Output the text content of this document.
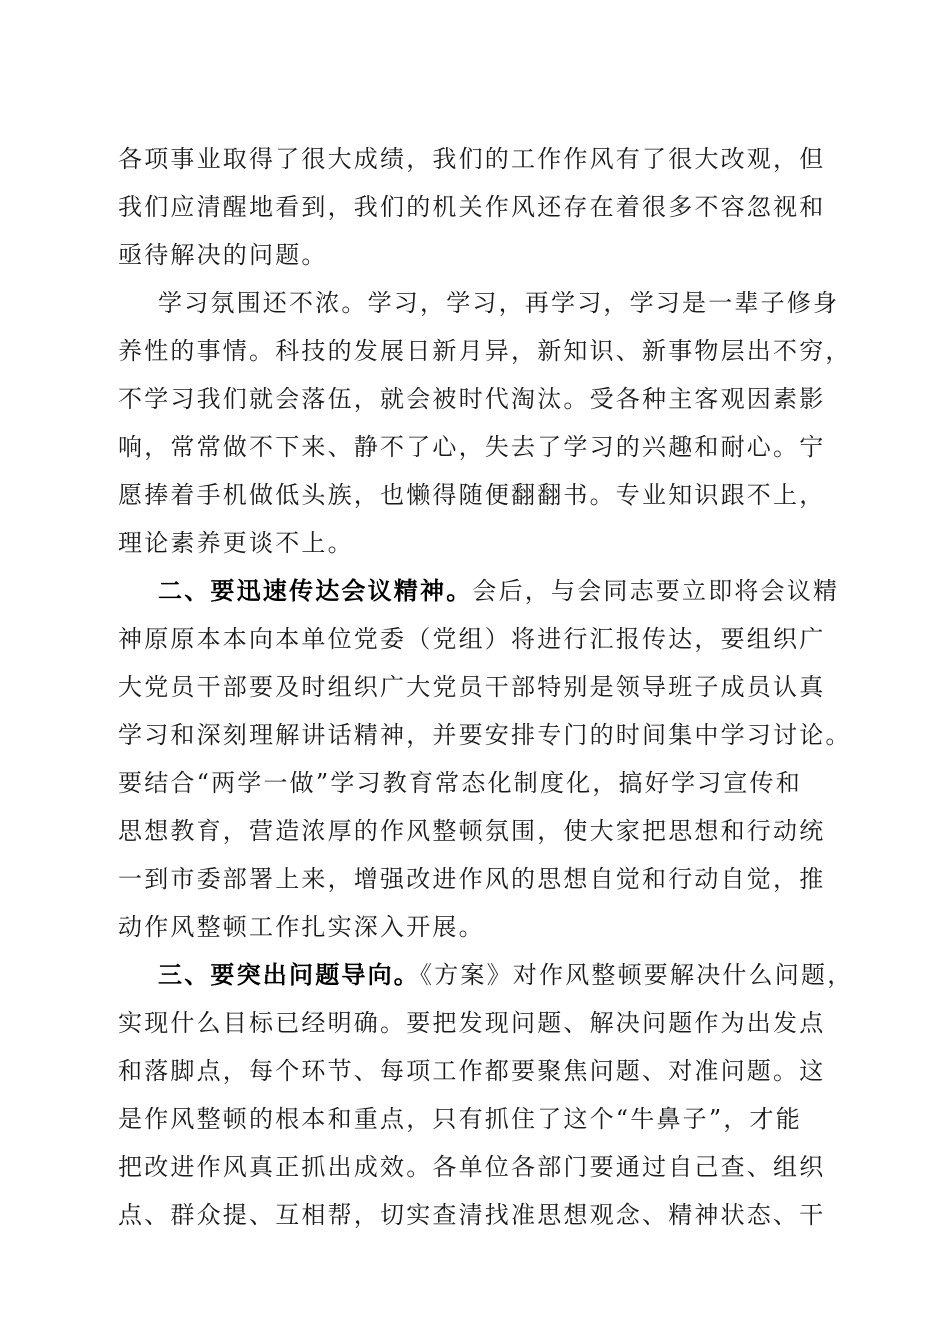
各项事业取得了很大成绩，我们的工作作风有了很大改观，但
我们应清醒地看到，我们的机关作风还存在着很多不容忽视和
亟待解决的问题。
学习氛围还不浓。学习，学习，再学习，学习是一辈子修身
养性的事情。科技的发展日新月异，新知识、新事物层出不穷，
不学习我们就会落伍，就会被时代淘汰。受各种主客观因素影
响，常常做不下来、静不了心，失去了学习的兴趣和耐心。宁
愿捧着手机做低头族，也懒得随便翻翻书。专业知识跟不上，
理论素养更谈不上。
二、要迅速传达会议精神。会后，与会同志要立即将会议精
神原原本本向本单位党委（党组）将进行汇报传达，要组织广
大党员干部要及时组织广大党员干部特别是领导班子成员认真
学习和深刻理解讲话精神，并要安排专门的时间集中学习讨论。
要结合“两学一做”学习教育常态化制度化，搞好学习宣传和
思想教育，营造浓厚的作风整顿氛围，使大家把思想和行动统
一到市委部署上来，增强改进作风的思想自觉和行动自觉，推
动作风整顿工作扎实深入开展。
三、要突出问题导向。《方案》对作风整顿要解决什么问题，
实现什么目标已经明确。要把发现问题、解决问题作为出发点
和落脚点，每个环节、每项工作都要聚焦问题、对准问题。这
是作风整顿的根本和重点，只有抓住了这个“牛鼻子”，才能
把改进作风真正抓出成效。各单位各部门要通过自己查、组织
点、群众提、互相帮，切实查清找准思想观念、精神状态、干
